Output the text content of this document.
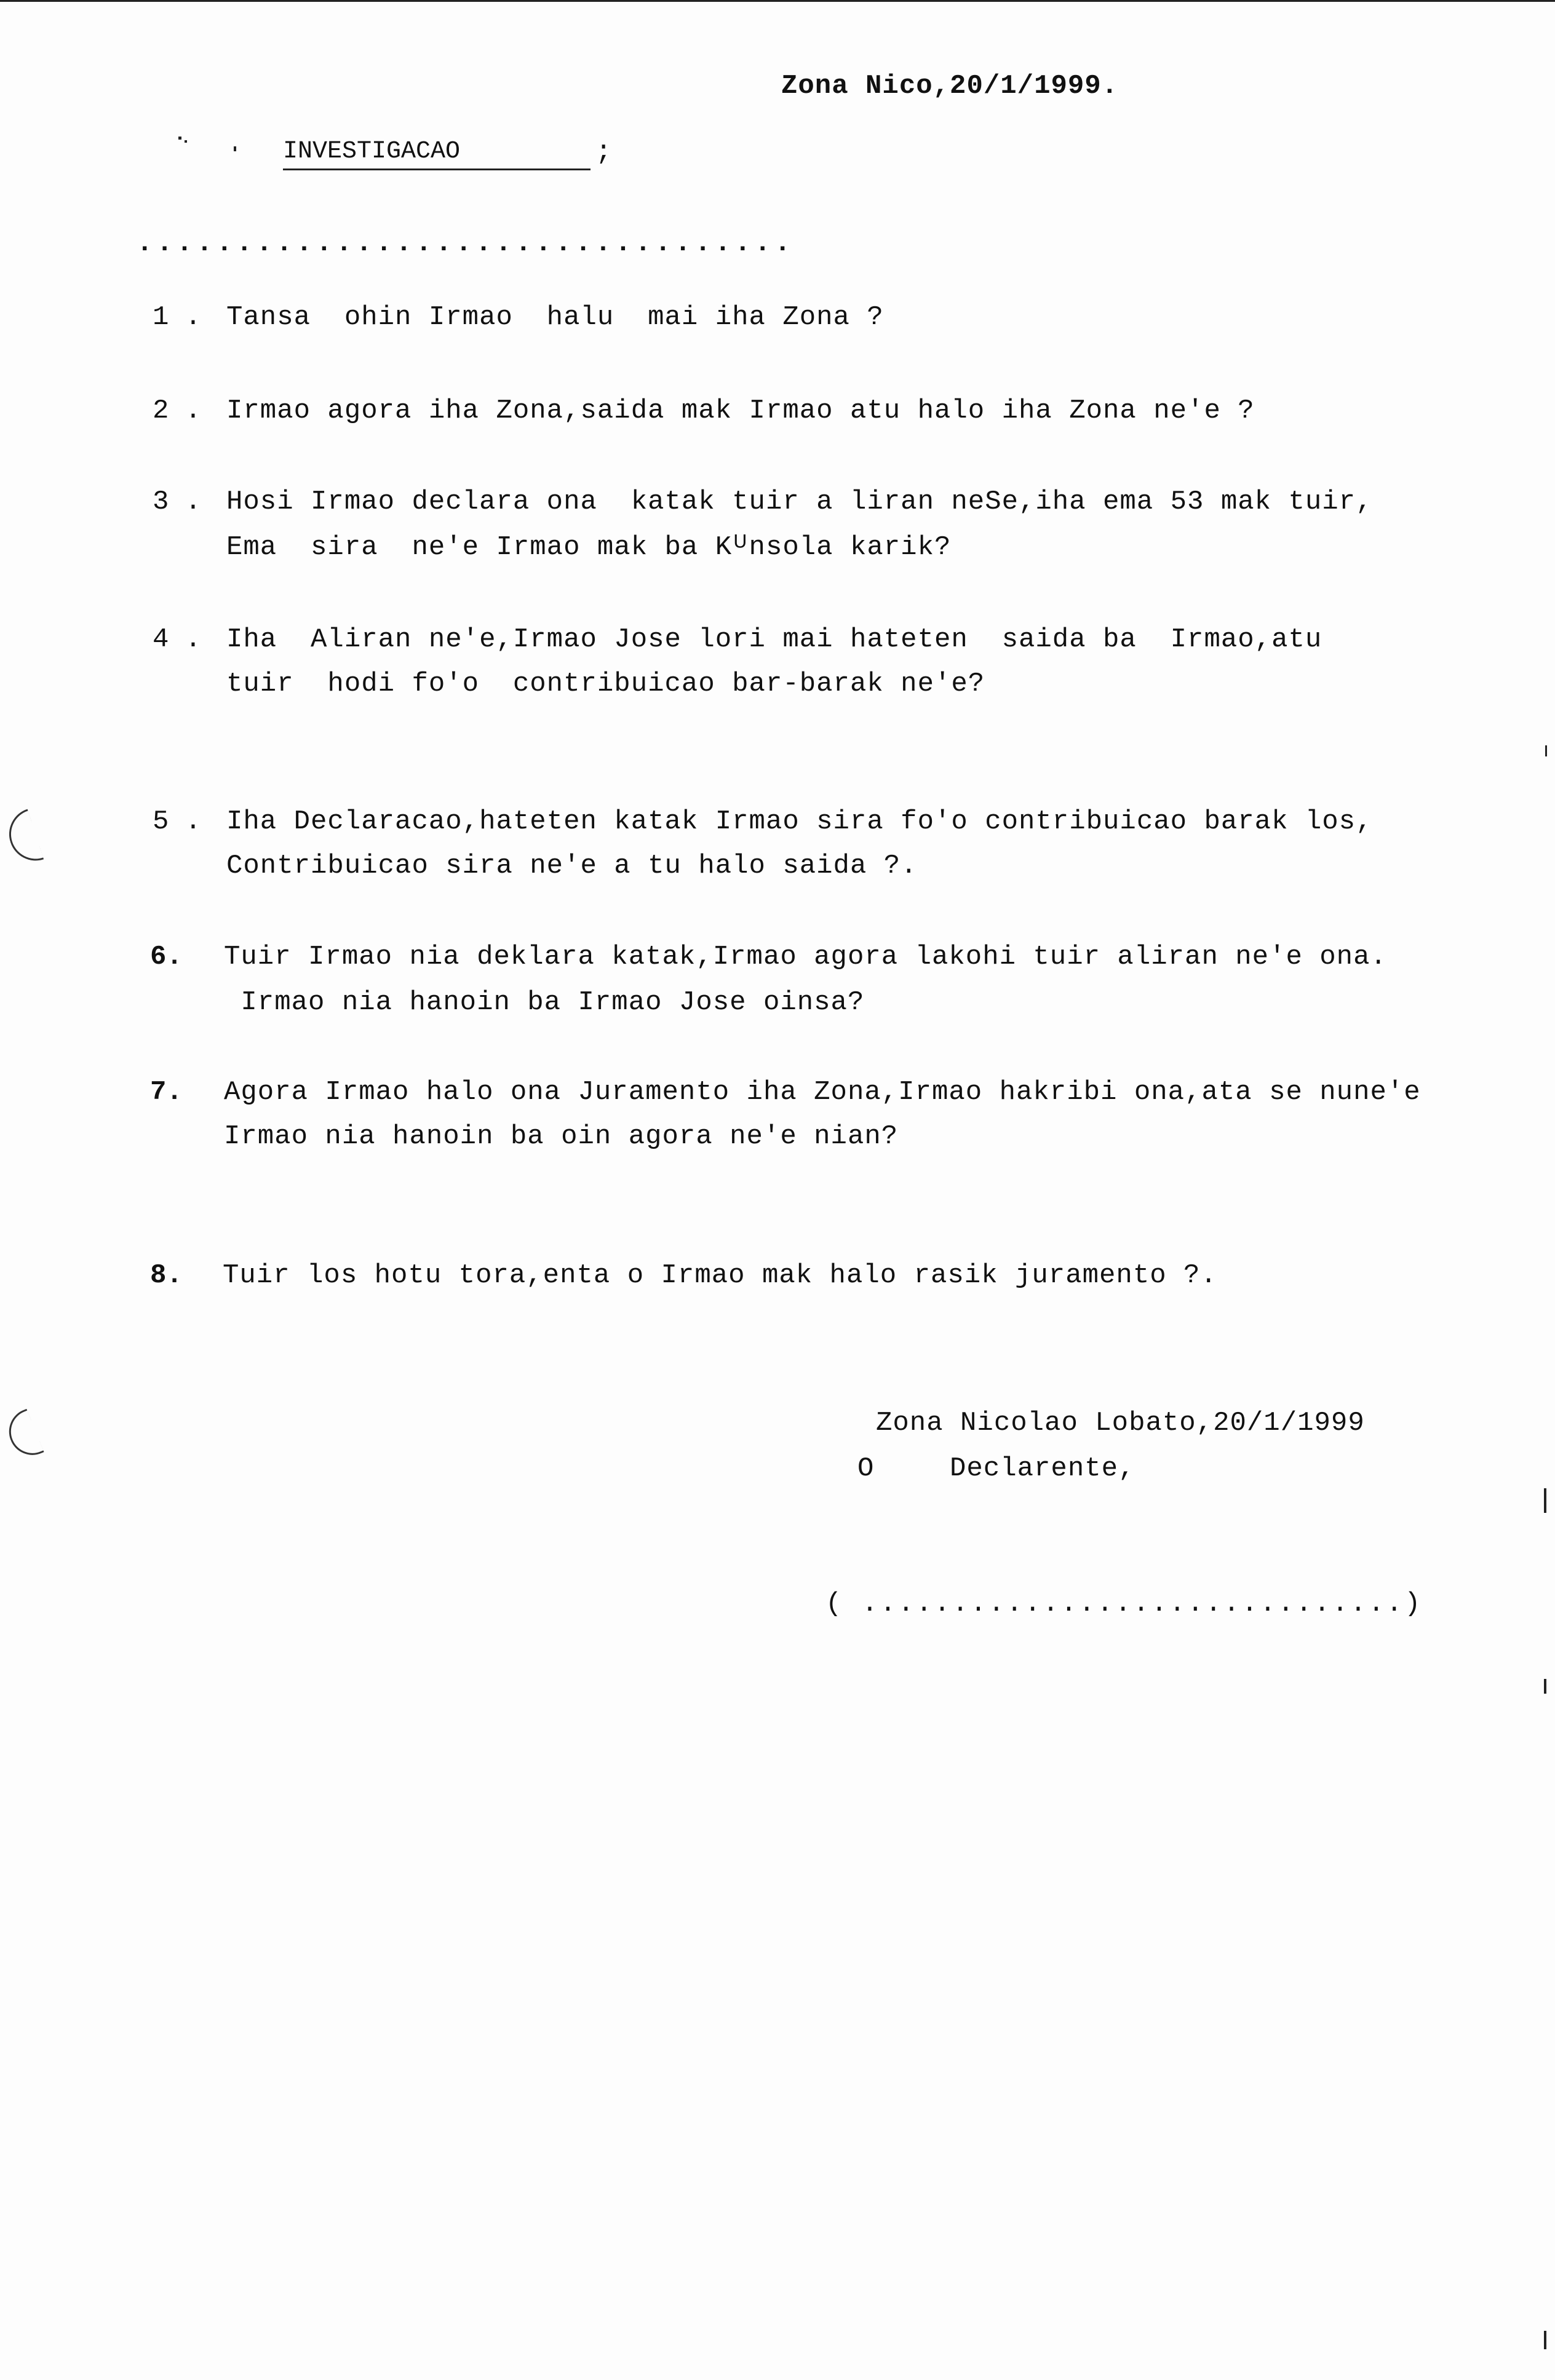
Zona Nico,20/1/1999.
INVESTIGACAO	;
.................................
1 . Tansa  ohin Irmao  halu  mai iha Zona ?
2 . Irmao agora iha Zona,saida mak Irmao atu halo iha Zona ne'e ?
3 . Hosi Irmao declara ona  katak tuir a liran neSe,iha ema 53 mak tuir,
Ema  sira  ne'e Irmao mak ba Kᵁnsola karik?
4 . Iha  Aliran ne'e,Irmao Jose lori mai hateten  saida ba  Irmao,atu
tuir  hodi fo'o  contribuicao bar-barak ne'e?
5 . Iha Declaracao,hateten katak Irmao sira fo'o contribuicao barak los,
Contribuicao sira ne'e a tu halo saida ?.
6. Tuir Irmao nia deklara katak,Irmao agora lakohi tuir aliran ne'e ona.
Irmao nia hanoin ba Irmao Jose oinsa?
7. Agora Irmao halo ona Juramento iha Zona,Irmao hakribi ona,ata se nune'e
Irmao nia hanoin ba oin agora ne'e nian?
8. Tuir los hotu tora,enta o Irmao mak halo rasik juramento ?.
Zona Nicolao Lobato,20/1/1999
O	Declarente,
( ..............................)
